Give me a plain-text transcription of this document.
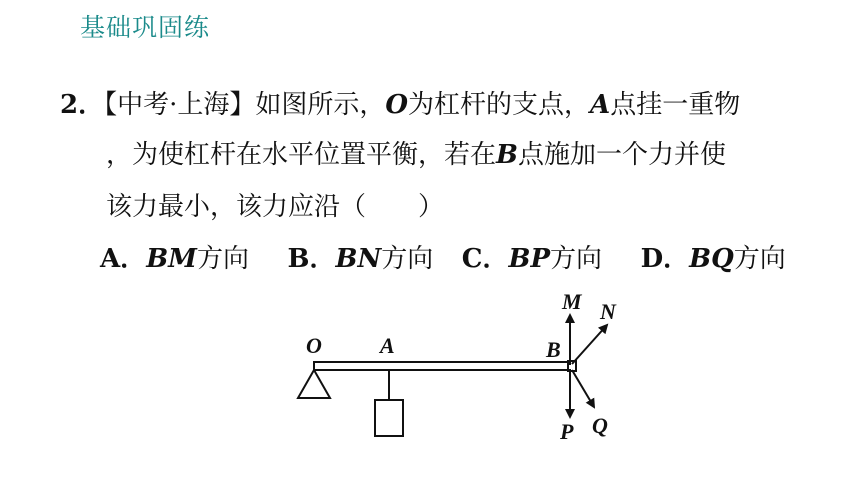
基础巩固练
2．【中考·上海】如图所示，O为杠杆的支点，A点挂一重物
，为使杠杆在水平位置平衡，若在B点施加一个力并使
该力最小，该力应沿（　　）
A．BM方向 B．BN方向 C．BP方向 D．BQ方向
O	A	B
M N
P Q
